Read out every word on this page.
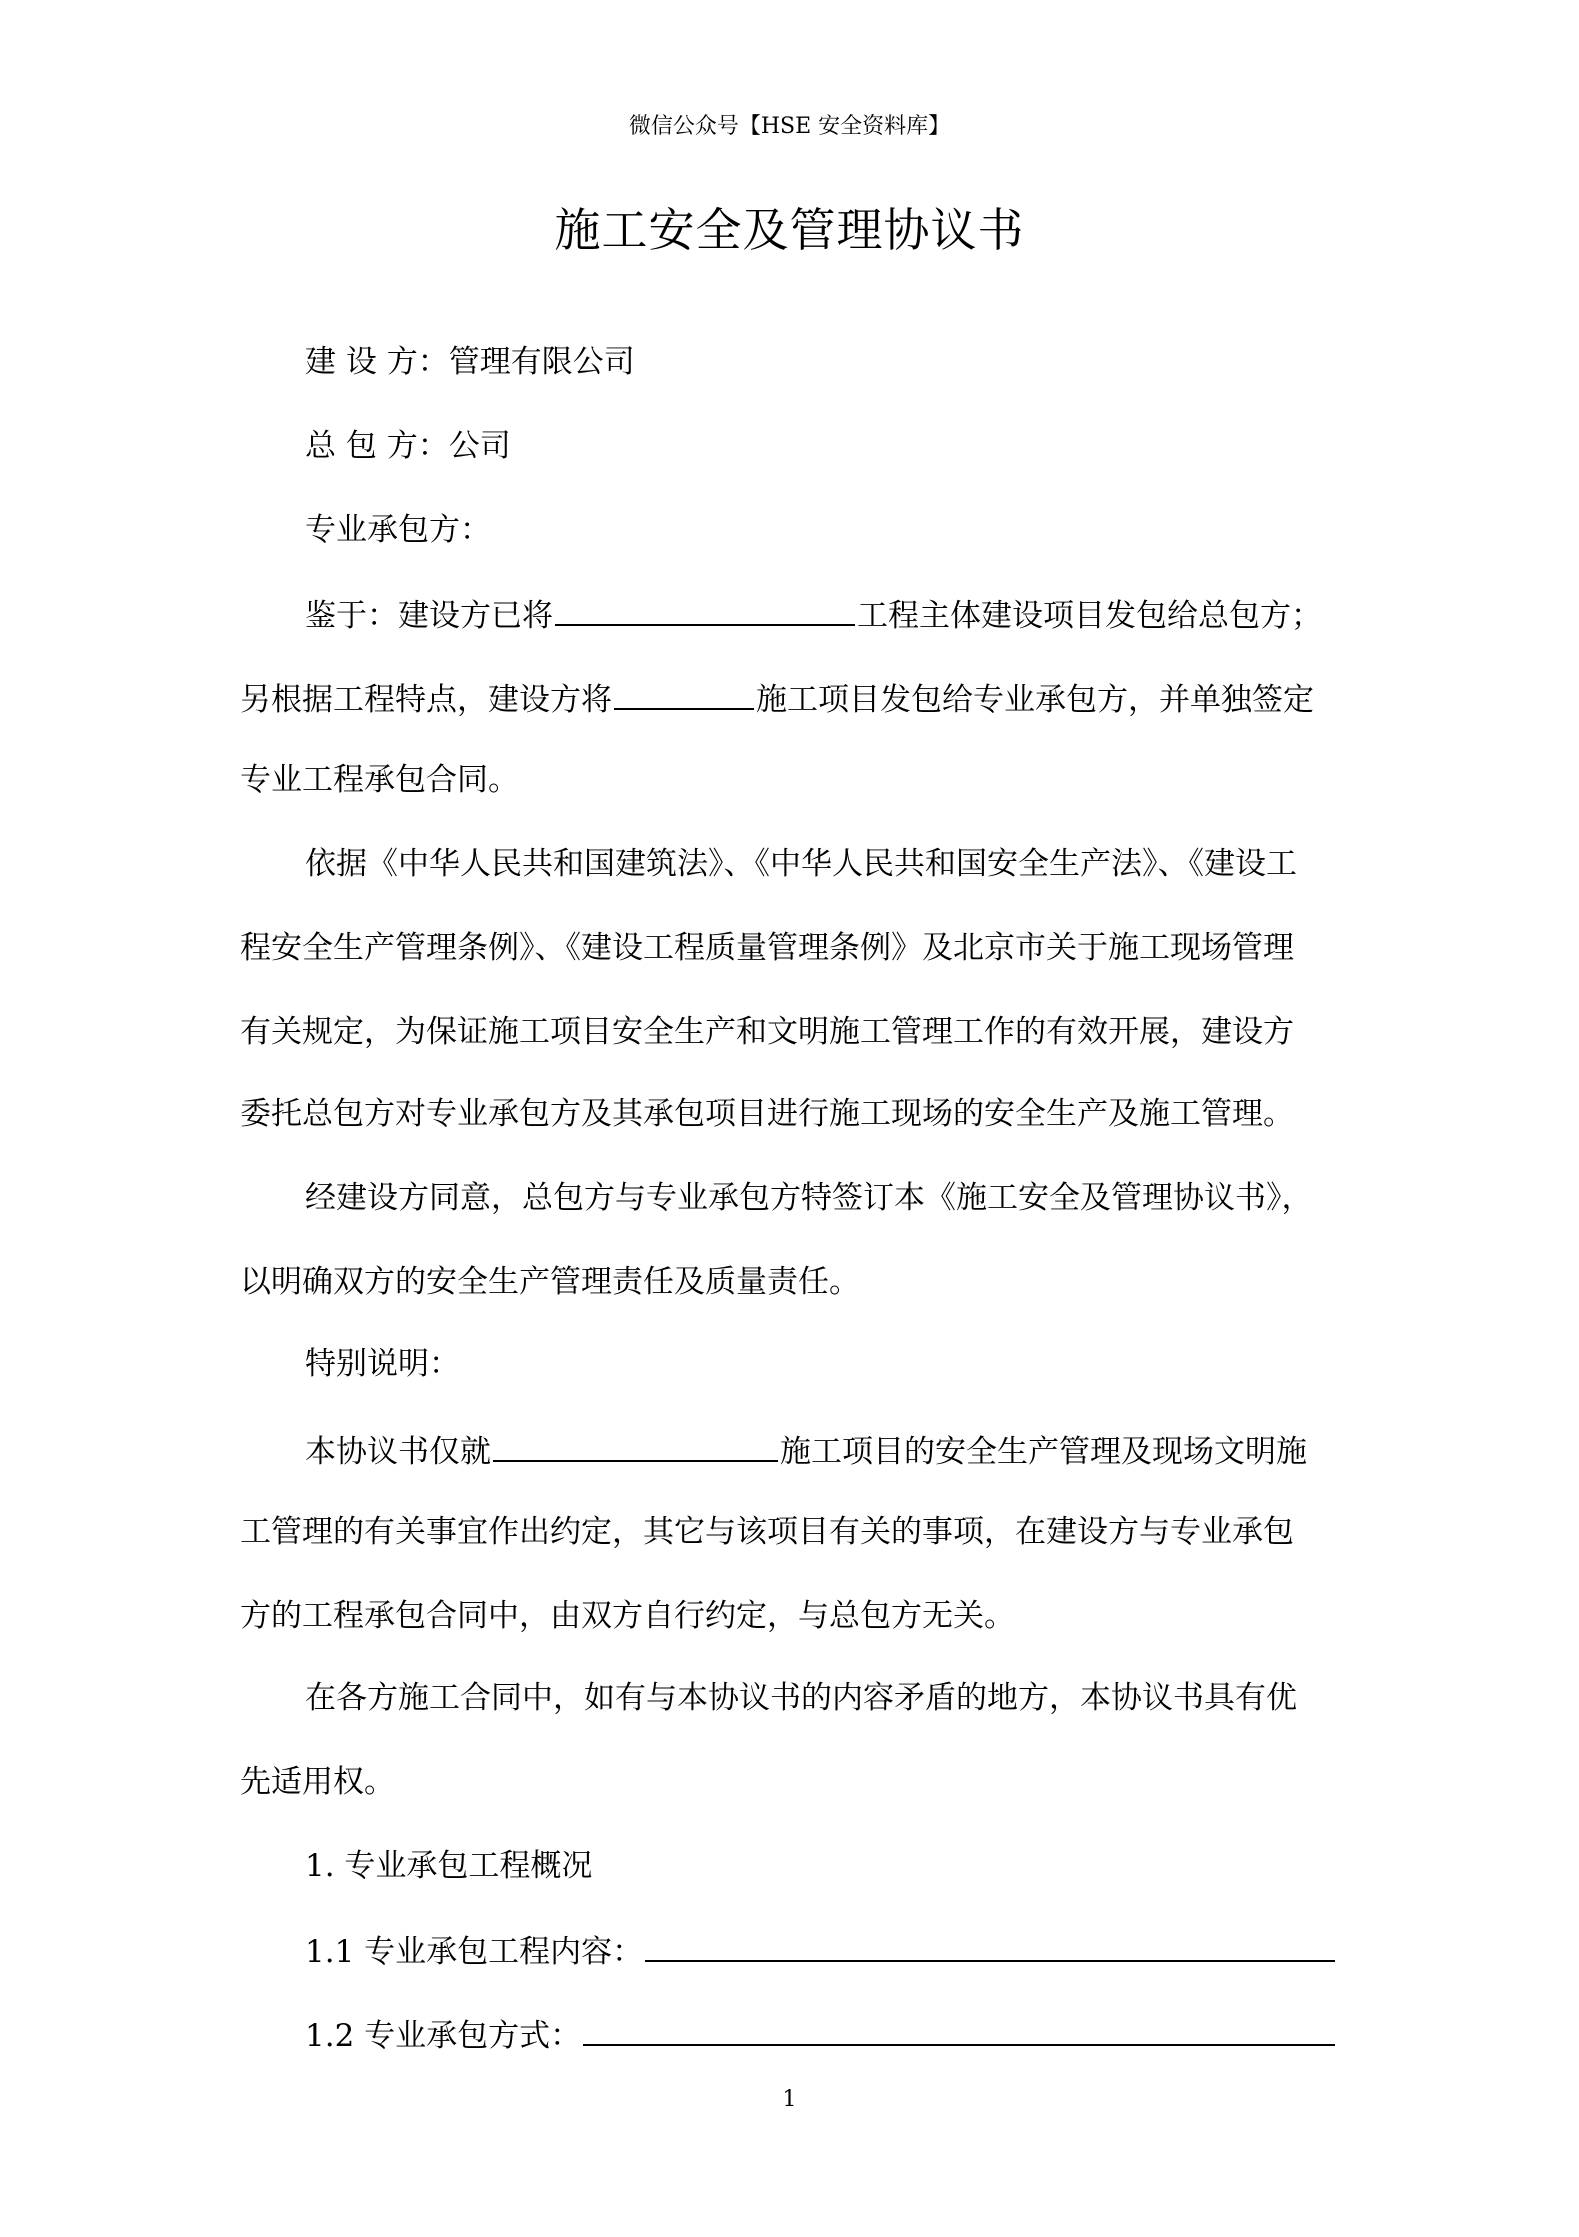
微信公众号【HSE 安全资料库】
施工安全及管理协议书
建 设 方：管理有限公司
总 包 方：公司
专业承包方：
鉴于：建设方已将	工程主体建设项目发包给总包方；
另根据工程特点，建设方将	施工项目发包给专业承包方，并单独签定
专业工程承包合同。
依据《中华人民共和国建筑法》、《中华人民共和国安全生产法》、《建设工
程安全生产管理条例》、《建设工程质量管理条例》及北京市关于施工现场管理
有关规定，为保证施工项目安全生产和文明施工管理工作的有效开展，建设方
委托总包方对专业承包方及其承包项目进行施工现场的安全生产及施工管理。
经建设方同意，总包方与专业承包方特签订本《施工安全及管理协议书》，
以明确双方的安全生产管理责任及质量责任。
特别说明：
本协议书仅就	施工项目的安全生产管理及现场文明施
工管理的有关事宜作出约定，其它与该项目有关的事项，在建设方与专业承包
方的工程承包合同中，由双方自行约定，与总包方无关。
在各方施工合同中，如有与本协议书的内容矛盾的地方，本协议书具有优
先适用权。
1. 专业承包工程概况
1.1 专业承包工程内容：
1.2 专业承包方式：
1
